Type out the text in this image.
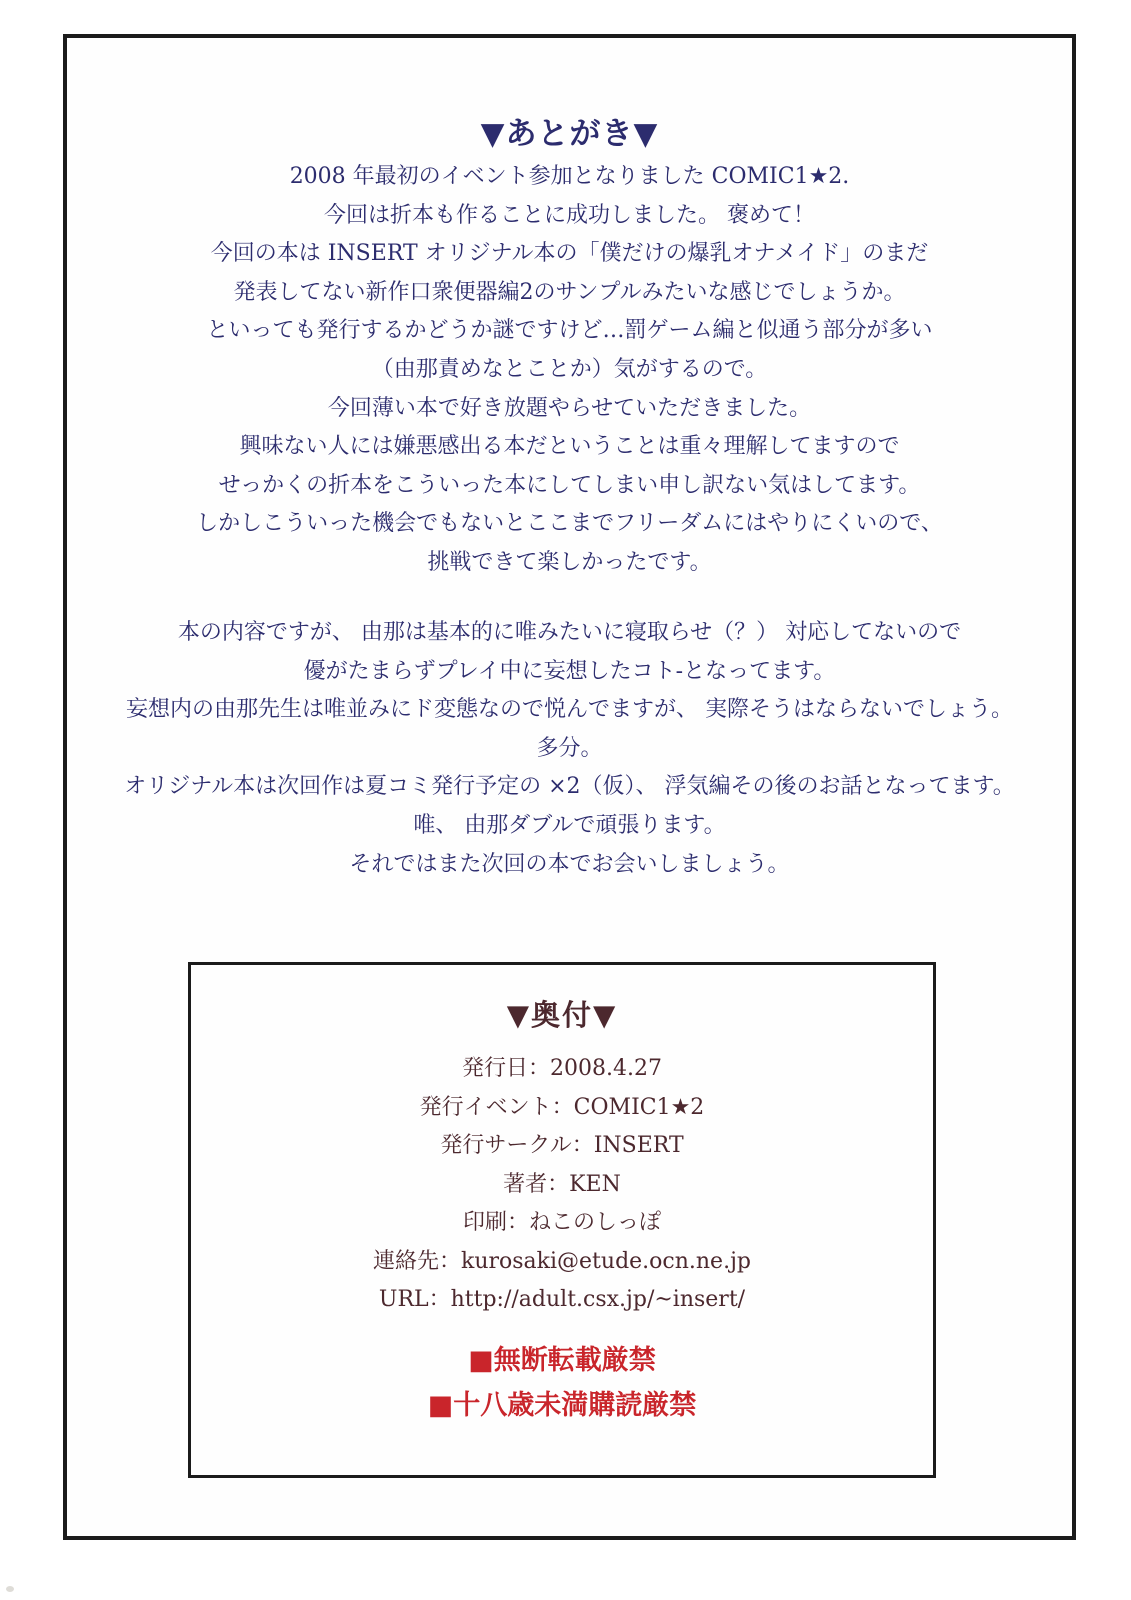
▼あとがき▼
2008 年最初のイベント参加となりました COMIC1★2.
今回は折本も作ることに成功しました。 褒めて！
今回の本は INSERT オリジナル本の「僕だけの爆乳オナメイド」のまだ
発表してない新作口衆便器編2のサンプルみたいな感じでしょうか。
といっても発行するかどうか謎ですけど…罰ゲーム編と似通う部分が多い
（由那責めなとことか）気がするので。
今回薄い本で好き放題やらせていただきました。
興味ない人には嫌悪感出る本だということは重々理解してますので
せっかくの折本をこういった本にしてしまい申し訳ない気はしてます。
しかしこういった機会でもないとここまでフリーダムにはやりにくいので、
挑戦できて楽しかったです。
本の内容ですが、 由那は基本的に唯みたいに寝取らせ（？） 対応してないので
優がたまらずプレイ中に妄想したコト-となってます。
妄想内の由那先生は唯並みにド変態なので悦んでますが、 実際そうはならないでしょう。
多分。
オリジナル本は次回作は夏コミ発行予定の ×2（仮）、 浮気編その後のお話となってます。
唯、 由那ダブルで頑張ります。
それではまた次回の本でお会いしましょう。
▼奥付▼
発行日：2008.4.27
発行イベント：COMIC1★2
発行サークル：INSERT
著者：KEN
印刷：ねこのしっぽ
連絡先：kurosaki@etude.ocn.ne.jp
URL：http://adult.csx.jp/~insert/
■無断転載厳禁
■十八歳未満購読厳禁
